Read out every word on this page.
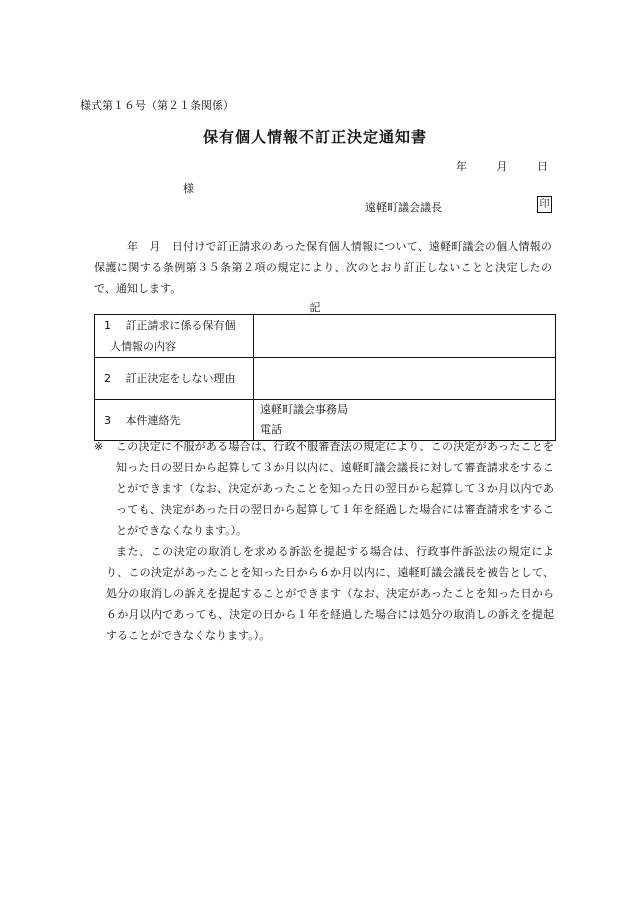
様式第１６号（第２１条関係）
保有個人情報不訂正決定通知書
年	月	日
様
遠軽町議会議長	印
年　月　日付けで訂正請求のあった保有個人情報について、遠軽町議会の個人情報の保護に関する条例第３５条第２項の規定により、次のとおり訂正しないことと決定したので、通知します。
記
1　 訂正請求に係る保有個
人情報の内容	

2　 訂正決定をしない理由	

3　 本件連絡先	遠軽町議会事務局
電話
※	この決定に不服がある場合は、行政不服審査法の規定により、この決定があったことを知った日の翌日から起算して３か月以内に、遠軽町議会議長に対して審査請求をすることができます（なお、決定があったことを知った日の翌日から起算して３か月以内であっても、決定があった日の翌日から起算して１年を経過した場合には審査請求をすることができなくなります。）。
また、この決定の取消しを求める訴訟を提起する場合は、行政事件訴訟法の規定により、この決定があったことを知った日から６か月以内に、遠軽町議会議長を被告として、処分の取消しの訴えを提起することができます（なお、決定があったことを知った日から６か月以内であっても、決定の日から１年を経過した場合には処分の取消しの訴えを提起することができなくなります。）。
